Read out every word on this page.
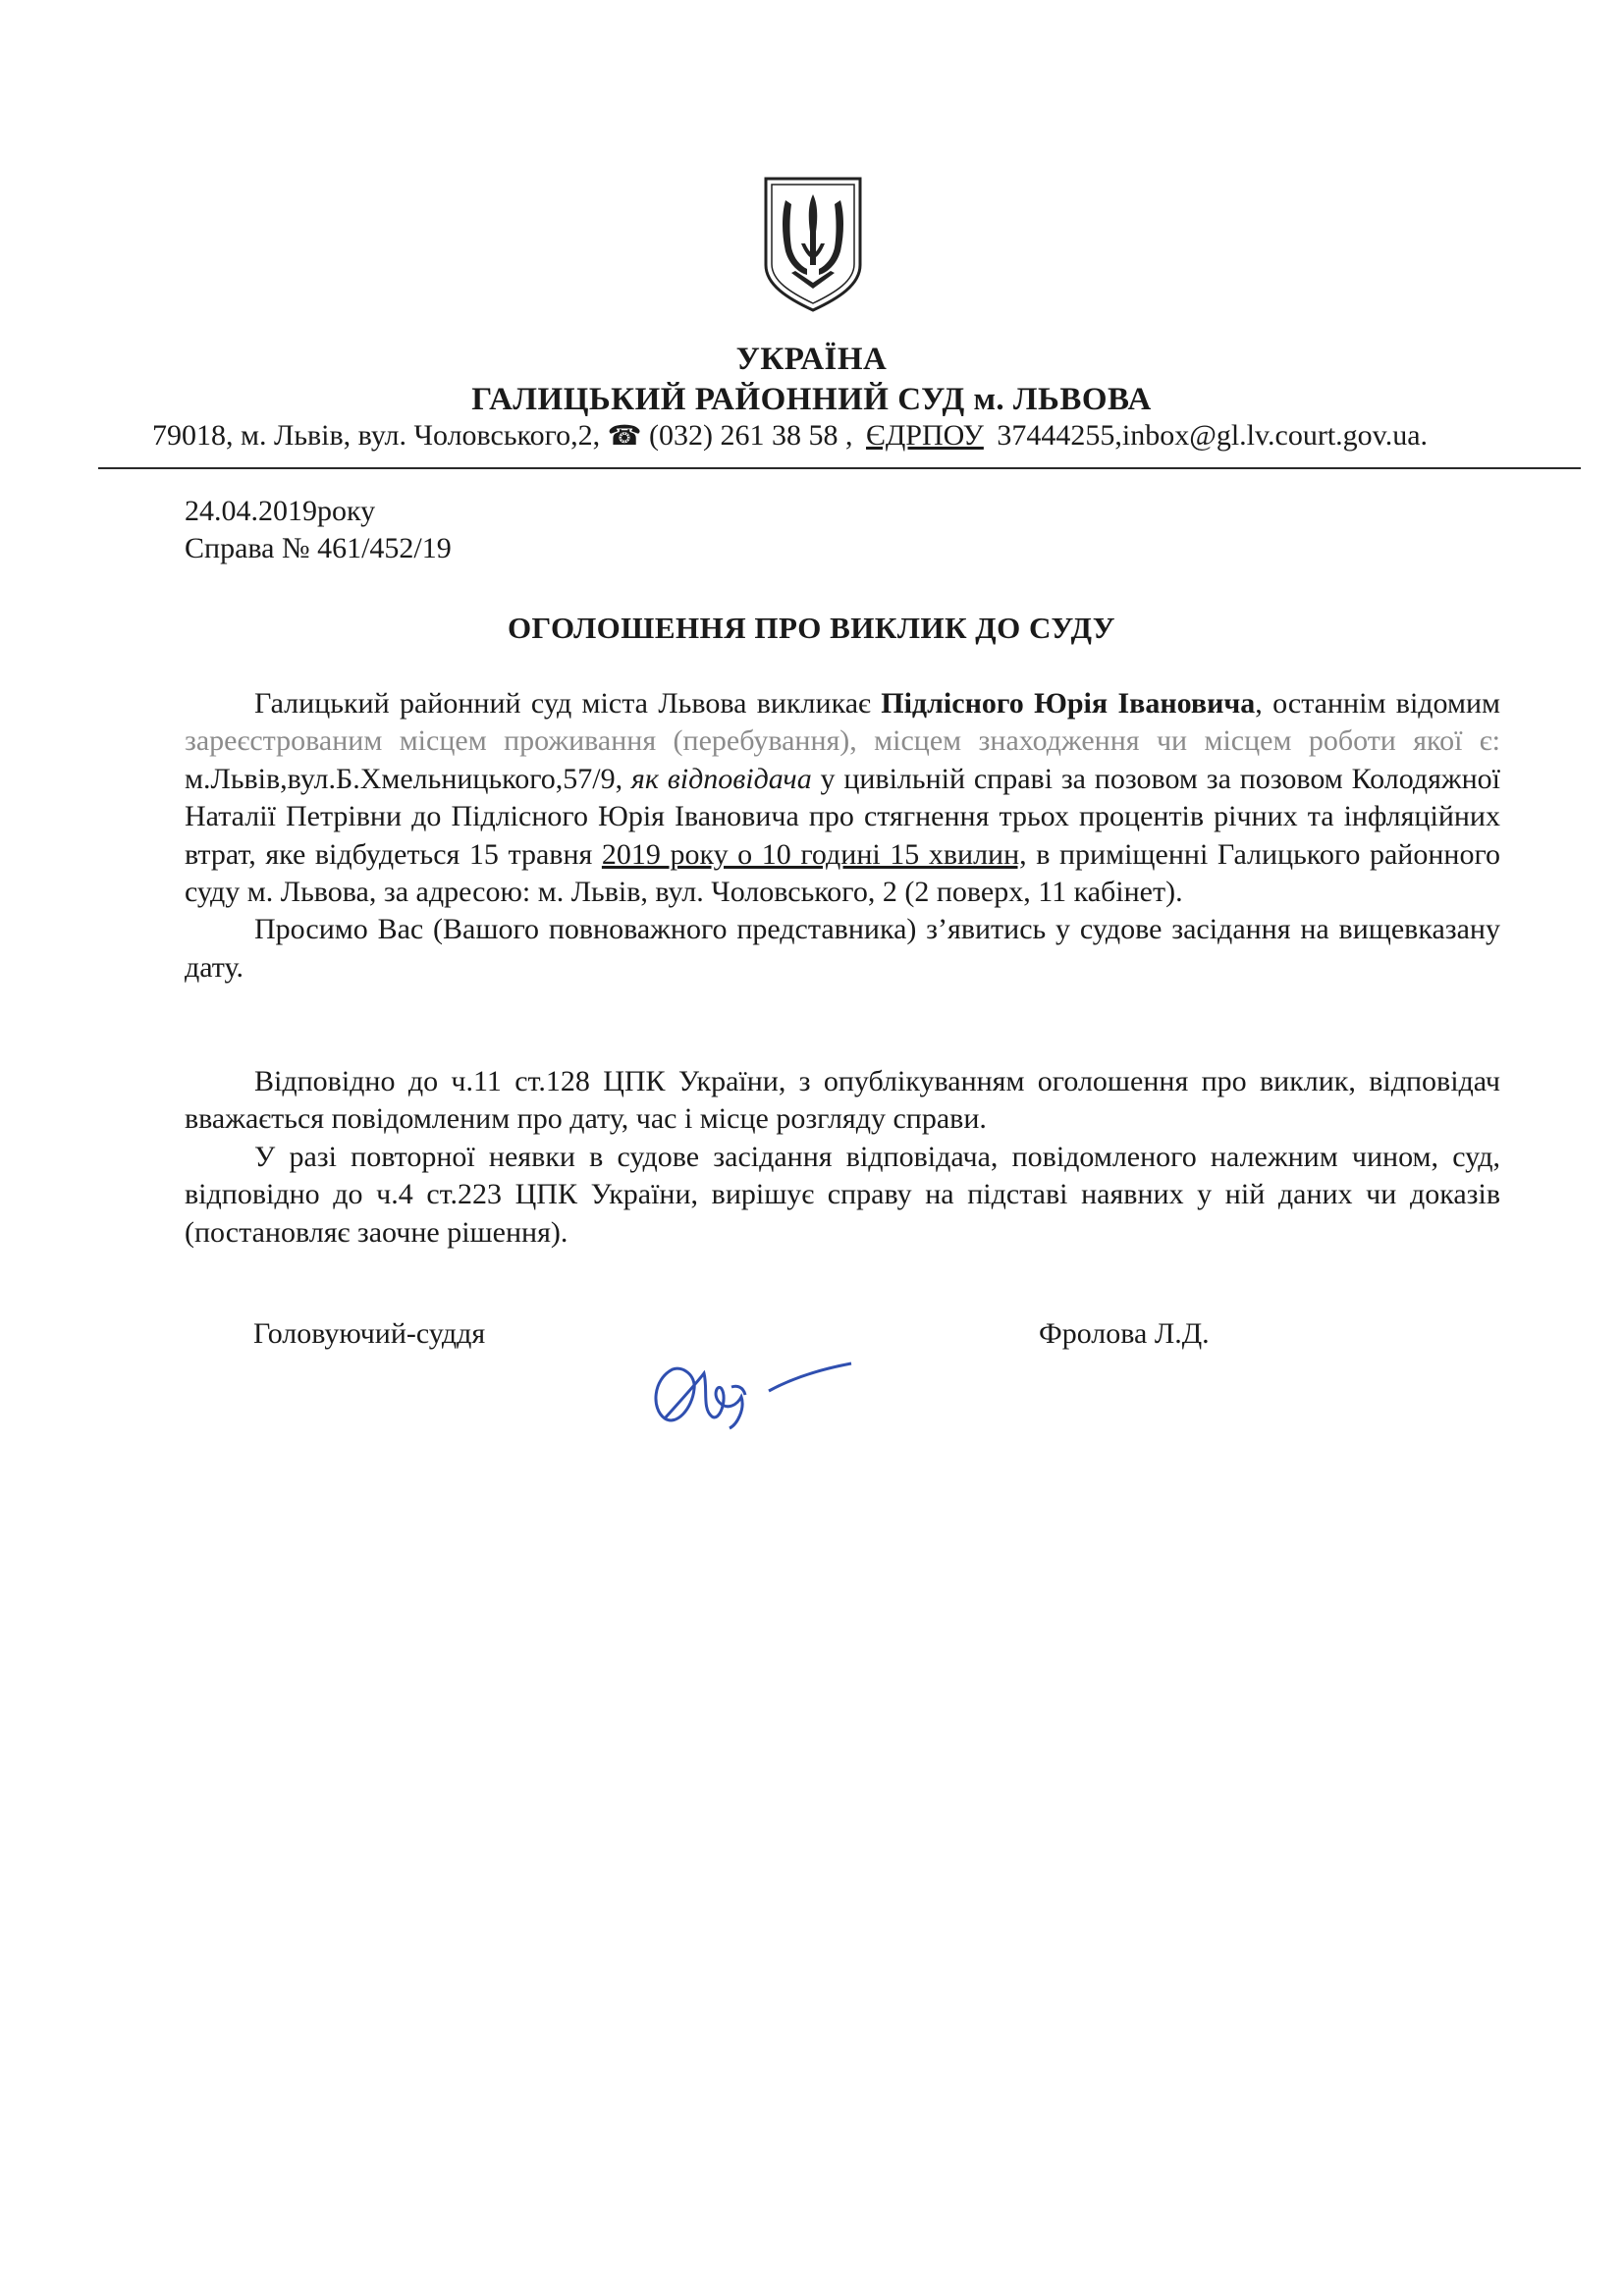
УКРАЇНА
ГАЛИЦЬКИЙ РАЙОННИЙ СУД м. ЛЬВОВА
79018, м. Львів, вул. Чоловського,2, ☎ (032) 261 38 58 , ЄДРПОУ 37444255,inbox@gl.lv.court.gov.ua.
24.04.2019року
Справа № 461/452/19
ОГОЛОШЕННЯ ПРО ВИКЛИК ДО СУДУ

Галицький районний суд міста Львова викликає Підлісного Юрія Івановича, останнім відомим зареєстрованим місцем проживання (перебування), місцем знаходження чи місцем роботи якої є: м.Львів,вул.Б.Хмельницького,57/9, як відповідача у цивільній справі за позовом за позовом Колодяжної Наталії Петрівни до Підлісного Юрія Івановича про стягнення трьох процентів річних та інфляційних втрат, яке відбудеться 15 травня 2019 року о 10 годині 15 хвилин, в приміщенні Галицького районного суду м. Львова, за адресою: м. Львів, вул. Чоловського, 2 (2 поверх, 11 кабінет).

Просимо Вас (Вашого повноважного представника) з’явитись у судове засідання на вищевказану дату.

Відповідно до ч.11 ст.128 ЦПК України, з опублікуванням оголошення про виклик, відповідач вважається повідомленим про дату, час і місце розгляду справи.

У разі повторної неявки в судове засідання відповідача, повідомленого належним чином, суд, відповідно до ч.4 ст.223 ЦПК України, вирішує справу на підставі наявних у ній даних чи доказів (постановляє заочне рішення).

Головуючий-суддя	Фролова Л.Д.
